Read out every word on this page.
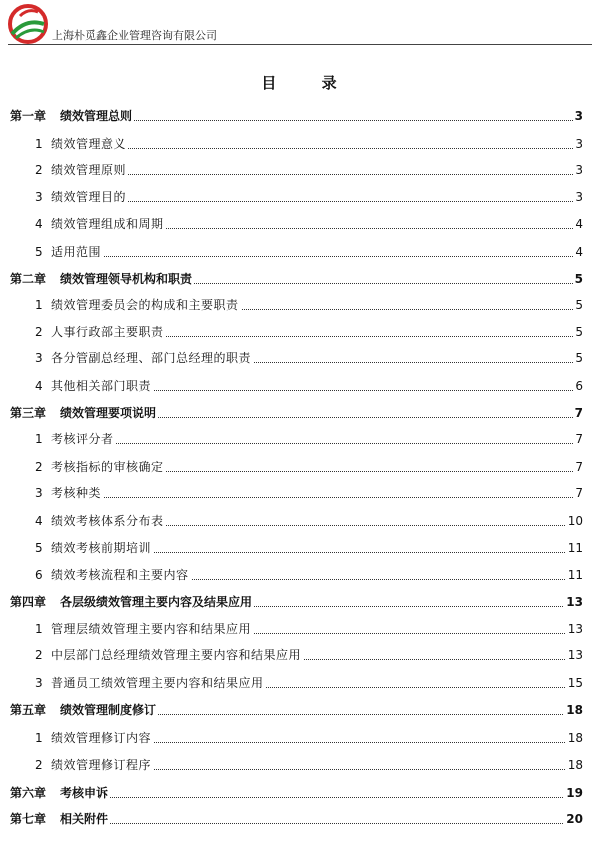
上海朴觅鑫企业管理咨询有限公司
目 录
第一章 绩效管理总则	3
1 绩效管理意义	3
2 绩效管理原则	3
3 绩效管理目的	3
4 绩效管理组成和周期	4
5 适用范围	4
第二章 绩效管理领导机构和职责	5
1 绩效管理委员会的构成和主要职责	5
2 人事行政部主要职责	5
3 各分管副总经理、部门总经理的职责	5
4 其他相关部门职责	6
第三章 绩效管理要项说明	7
1 考核评分者	7
2 考核指标的审核确定	7
3 考核种类	7
4 绩效考核体系分布表	10
5 绩效考核前期培训	11
6 绩效考核流程和主要内容	11
第四章 各层级绩效管理主要内容及结果应用	13
1 管理层绩效管理主要内容和结果应用	13
2 中层部门总经理绩效管理主要内容和结果应用	13
3 普通员工绩效管理主要内容和结果应用	15
第五章 绩效管理制度修订	18
1 绩效管理修订内容	18
2 绩效管理修订程序	18
第六章 考核申诉	19
第七章 相关附件	20
